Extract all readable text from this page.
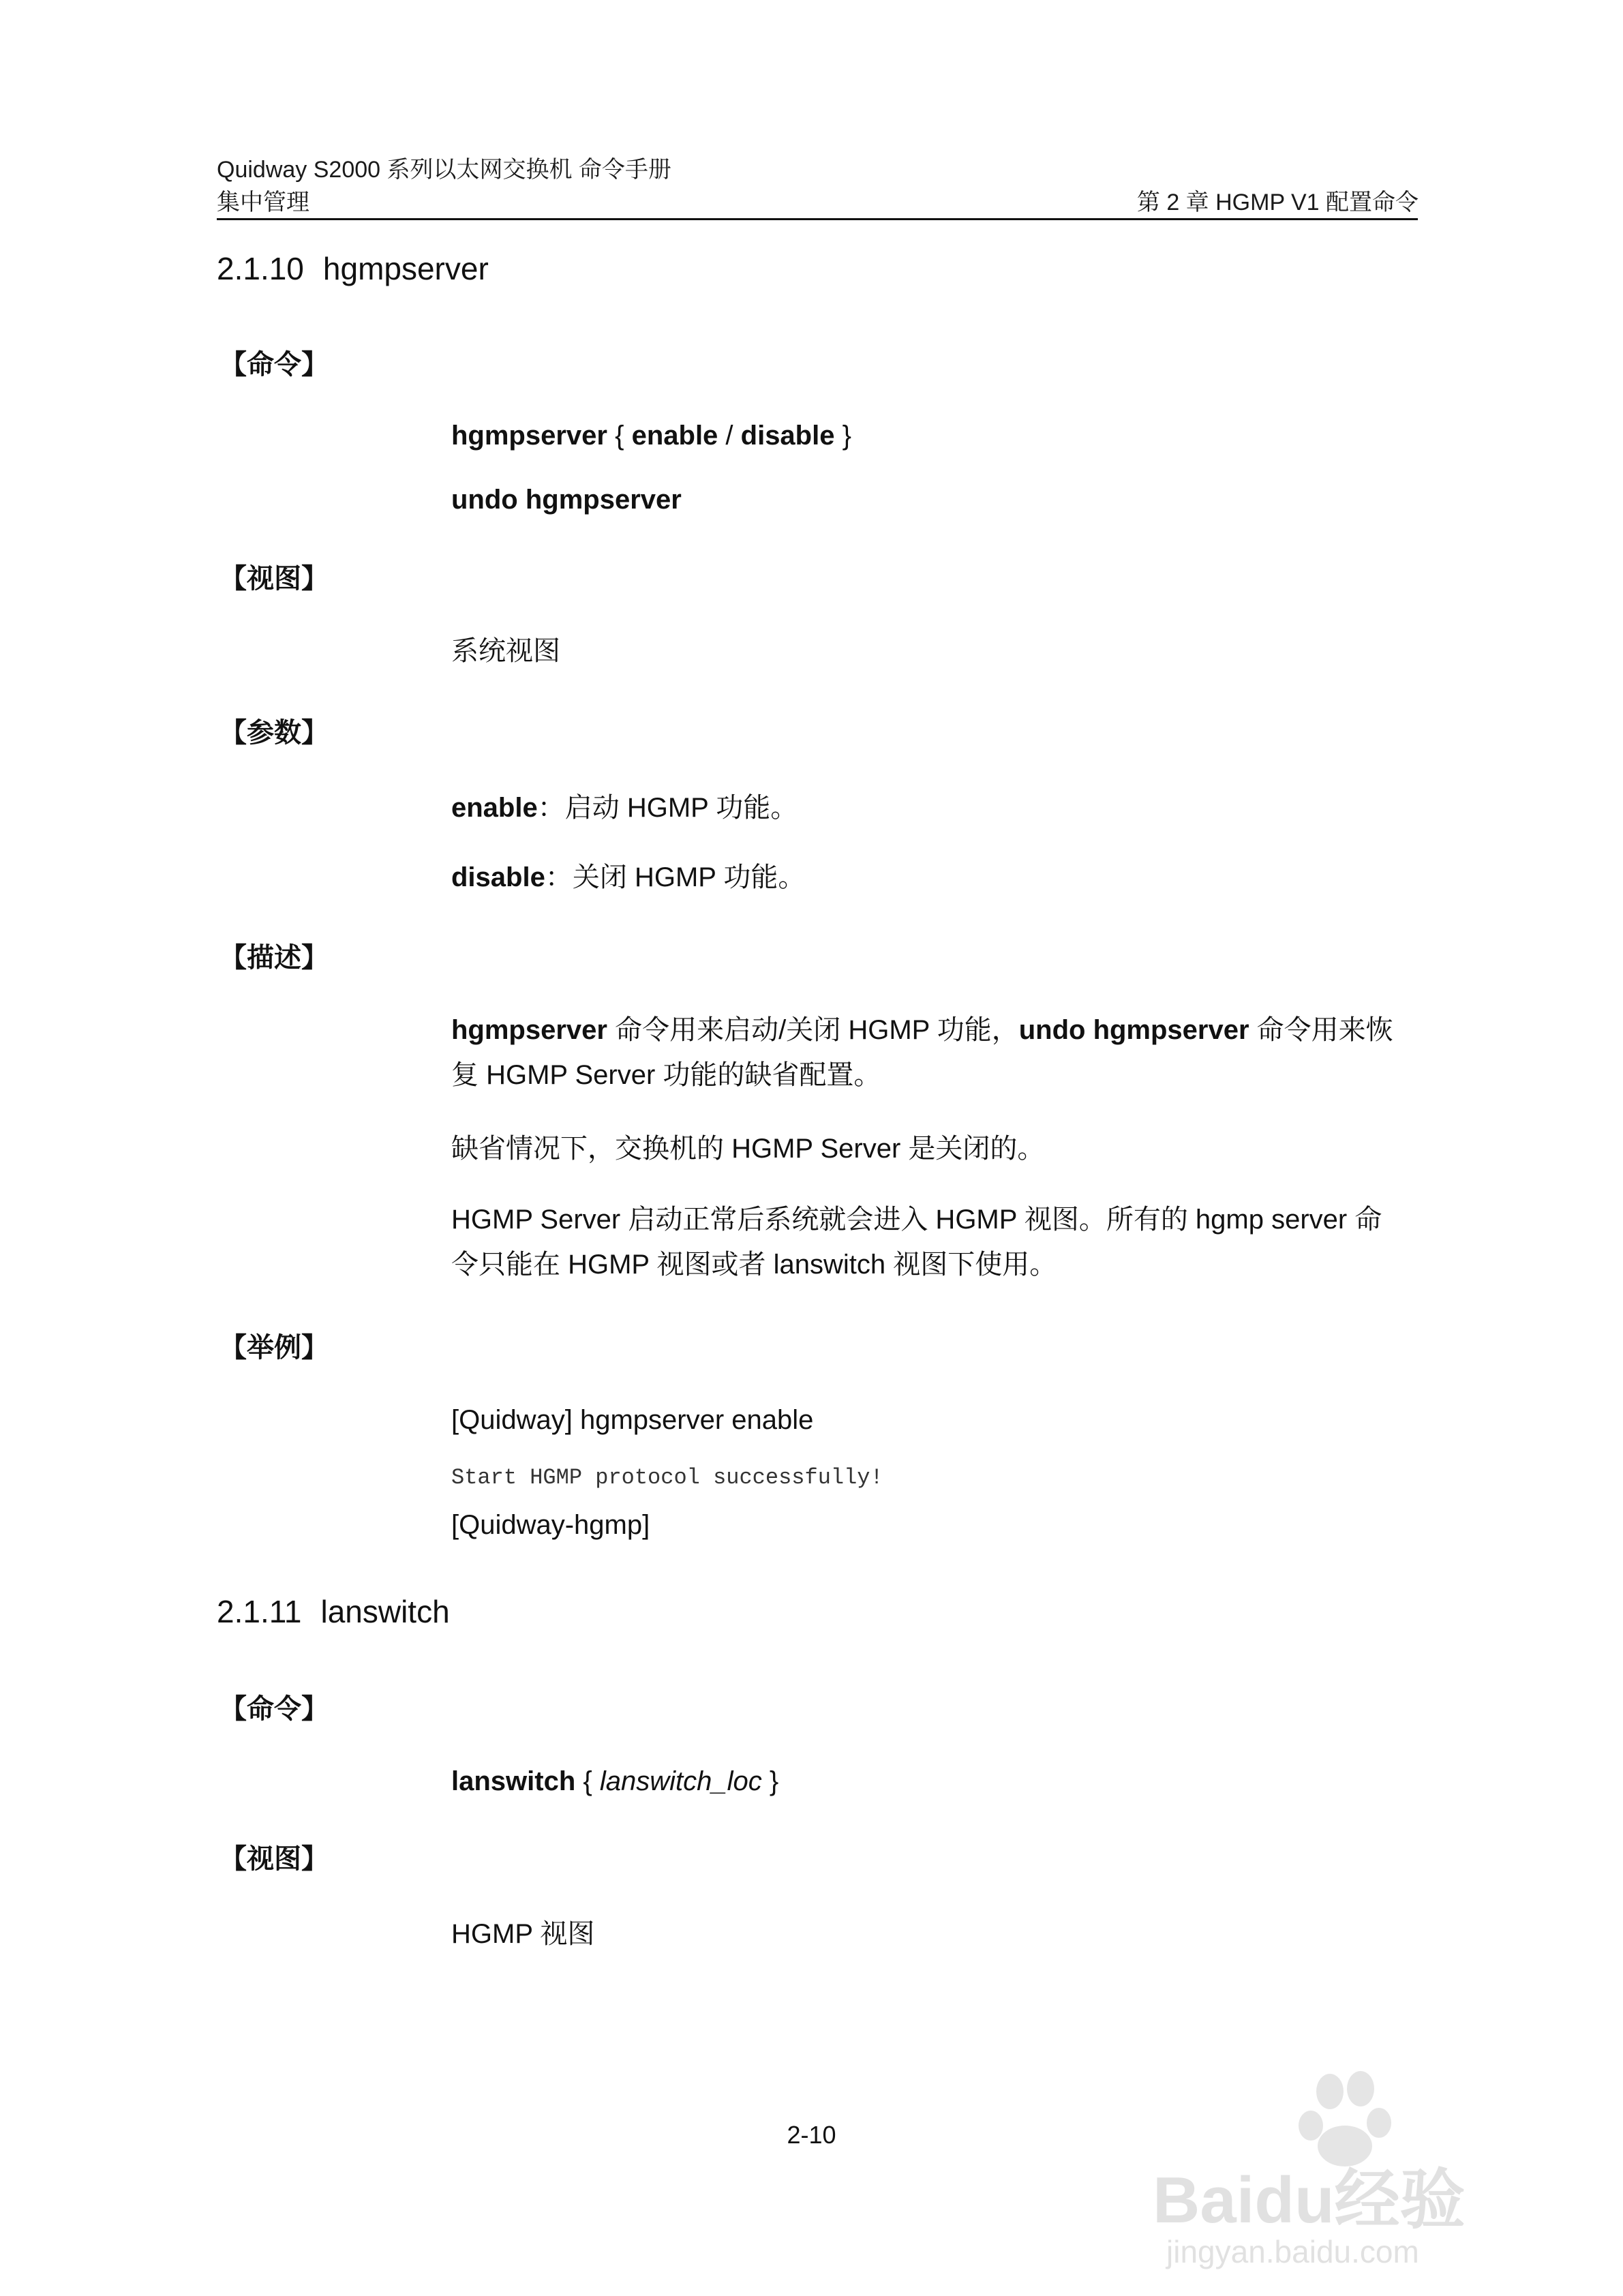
Quidway S2000 系列以太网交换机 命令手册
集中管理	第 2 章 HGMP V1 配置命令
2.1.10 hgmpserver
【命令】
hgmpserver { enable / disable }
undo hgmpserver
【视图】
系统视图
【参数】
enable：启动 HGMP 功能。
disable：关闭 HGMP 功能。
【描述】
hgmpserver 命令用来启动/关闭 HGMP 功能，undo hgmpserver 命令用来恢复 HGMP Server 功能的缺省配置。
缺省情况下，交换机的 HGMP Server 是关闭的。
HGMP Server 启动正常后系统就会进入 HGMP 视图。所有的 hgmp server 命令只能在 HGMP 视图或者 lanswitch 视图下使用。
【举例】
[Quidway] hgmpserver enable
Start HGMP protocol successfully!
[Quidway-hgmp]
2.1.11 lanswitch
【命令】
lanswitch { lanswitch_loc }
【视图】
HGMP 视图
2-10
Baidu经验
jingyan.baidu.com
